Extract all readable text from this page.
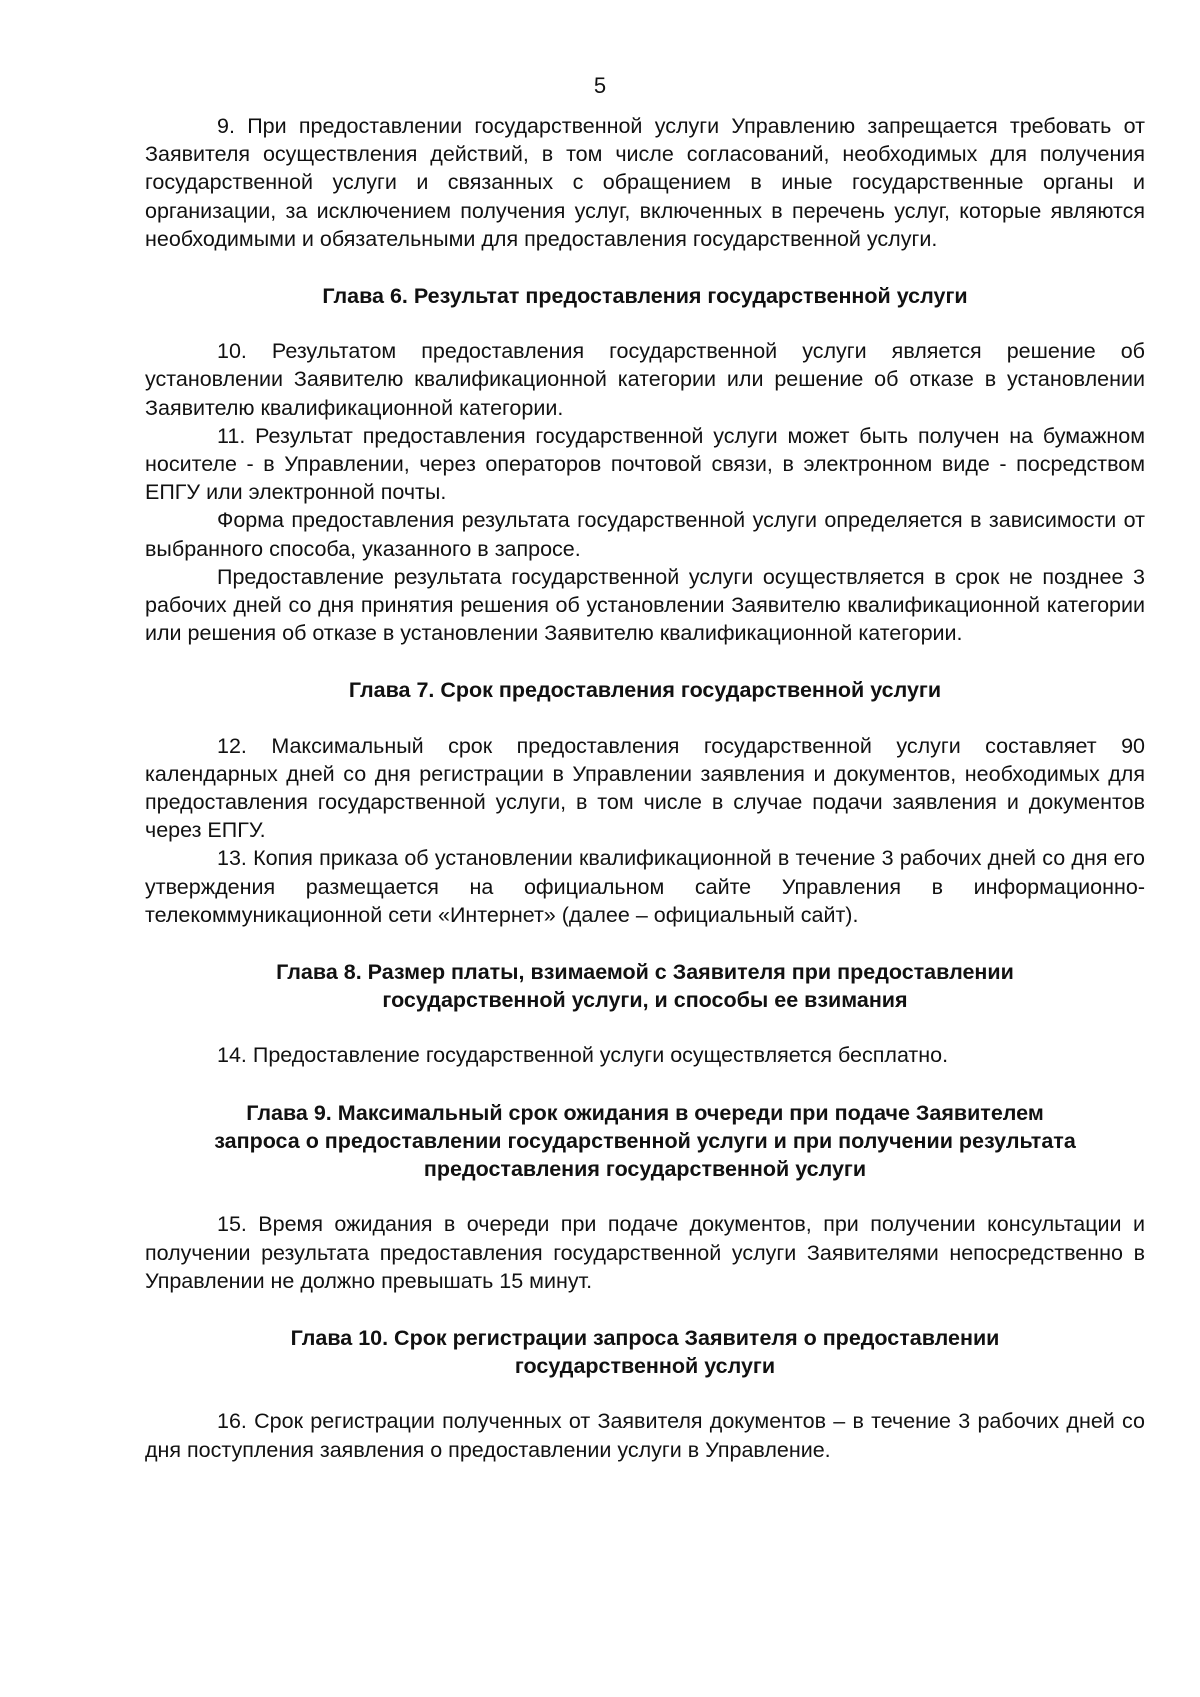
5

9. При предоставлении государственной услуги Управлению запрещается требовать от Заявителя осуществления действий, в том числе согласований, необходимых для получения государственной услуги и связанных с обращением в иные государственные органы и организации, за исключением получения услуг, включенных в перечень услуг, которые являются необходимыми и обязательными для предоставления государственной услуги.

Глава 6. Результат предоставления государственной услуги

10. Результатом предоставления государственной услуги является решение об установлении Заявителю квалификационной категории или решение об отказе в установлении Заявителю квалификационной категории.

11. Результат предоставления государственной услуги может быть получен на бумажном носителе - в Управлении, через операторов почтовой связи, в электронном виде - посредством ЕПГУ или электронной почты.

Форма предоставления результата государственной услуги определяется в зависимости от выбранного способа, указанного в запросе.

Предоставление результата государственной услуги осуществляется в срок не позднее 3 рабочих дней со дня принятия решения об установлении Заявителю квалификационной категории или решения об отказе в установлении Заявителю квалификационной категории.

Глава 7. Срок предоставления государственной услуги

12. Максимальный срок предоставления государственной услуги составляет 90 календарных дней со дня регистрации в Управлении заявления и документов, необходимых для предоставления государственной услуги, в том числе в случае подачи заявления и документов через ЕПГУ.

13. Копия приказа об установлении квалификационной в течение 3 рабочих дней со дня его утверждения размещается на официальном сайте Управления в информационно-телекоммуникационной сети «Интернет» (далее – официальный сайт).

Глава 8. Размер платы, взимаемой с Заявителя при предоставлении
государственной услуги, и способы ее взимания

14. Предоставление государственной услуги осуществляется бесплатно.

Глава 9. Максимальный срок ожидания в очереди при подаче Заявителем
запроса о предоставлении государственной услуги и при получении результата
предоставления государственной услуги

15. Время ожидания в очереди при подаче документов, при получении консультации и получении результата предоставления государственной услуги Заявителями непосредственно в Управлении не должно превышать 15 минут.

Глава 10. Срок регистрации запроса Заявителя о предоставлении
государственной услуги

16. Срок регистрации полученных от Заявителя документов – в течение 3 рабочих дней со дня поступления заявления о предоставлении услуги в Управление.
